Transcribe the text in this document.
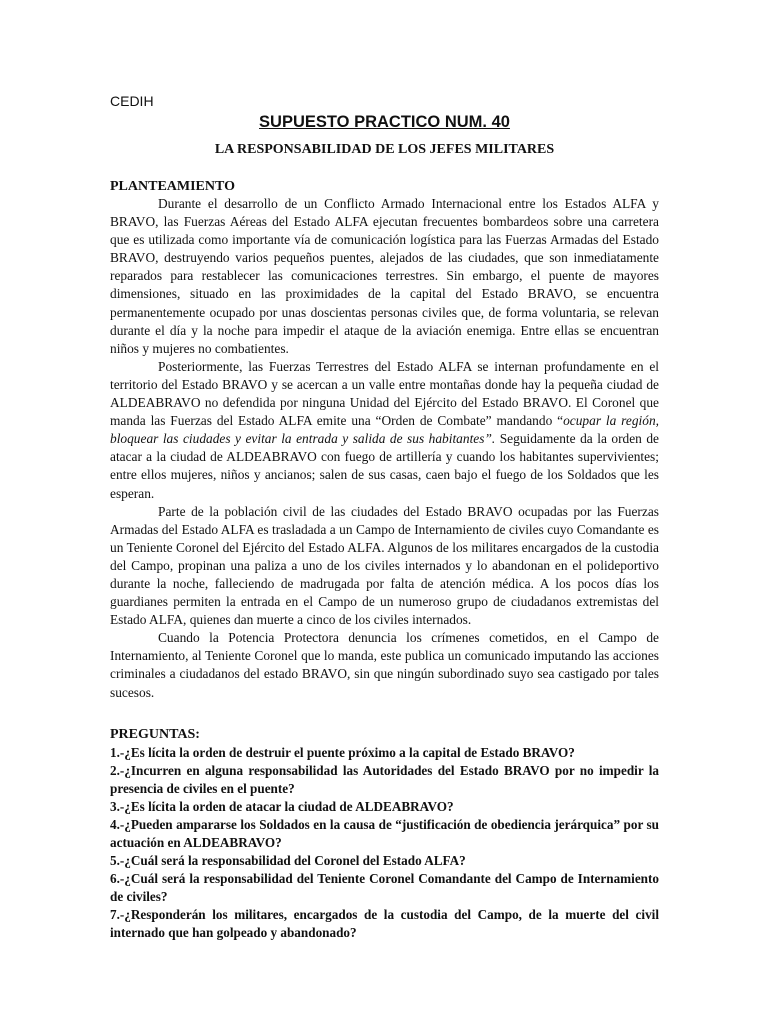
CEDIH

SUPUESTO PRACTICO NUM. 40

LA RESPONSABILIDAD DE LOS JEFES MILITARES

PLANTEAMIENTO

Durante el desarrollo de un Conflicto Armado Internacional entre los Estados ALFA y BRAVO, las Fuerzas Aéreas del Estado ALFA ejecutan frecuentes bombardeos sobre una carretera que es utilizada como importante vía de comunicación logística para las Fuerzas Armadas del Estado BRAVO, destruyendo varios pequeños puentes, alejados de las ciudades, que son inmediatamente reparados para restablecer las comunicaciones terrestres. Sin embargo, el puente de mayores dimensiones, situado en las proximidades de la capital del Estado BRAVO, se encuentra permanentemente ocupado por unas doscientas personas civiles que, de forma voluntaria, se relevan durante el día y la noche para impedir el ataque de la aviación enemiga. Entre ellas se encuentran niños y mujeres no combatientes.

Posteriormente, las Fuerzas Terrestres del Estado ALFA se internan profundamente en el territorio del Estado BRAVO y se acercan a un valle entre montañas donde hay la pequeña ciudad de ALDEABRAVO no defendida por ninguna Unidad del Ejército del Estado BRAVO. El Coronel que manda las Fuerzas del Estado ALFA emite una “Orden de Combate” mandando “ocupar la región, bloquear las ciudades y evitar la entrada y salida de sus habitantes”. Seguidamente da la orden de atacar a la ciudad de ALDEABRAVO con fuego de artillería y cuando los habitantes supervivientes; entre ellos mujeres, niños y ancianos; salen de sus casas, caen bajo el fuego de los Soldados que les esperan.

Parte de la población civil de las ciudades del Estado BRAVO ocupadas por las Fuerzas Armadas del Estado ALFA es trasladada a un Campo de Internamiento de civiles cuyo Comandante es un Teniente Coronel del Ejército del Estado ALFA. Algunos de los militares encargados de la custodia del Campo, propinan una paliza a uno de los civiles internados y lo abandonan en el polideportivo durante la noche, falleciendo de madrugada por falta de atención médica. A los pocos días los guardianes permiten la entrada en el Campo de un numeroso grupo de ciudadanos extremistas del Estado ALFA, quienes dan muerte a cinco de los civiles internados.

Cuando la Potencia Protectora denuncia los crímenes cometidos, en el Campo de Internamiento, al Teniente Coronel que lo manda, este publica un comunicado imputando las acciones criminales a ciudadanos del estado BRAVO, sin que ningún subordinado suyo sea castigado por tales sucesos.

PREGUNTAS:

1.-¿Es lícita la orden de destruir el puente próximo a la capital de Estado BRAVO?

2.-¿Incurren en alguna responsabilidad las Autoridades del Estado BRAVO por no impedir la presencia de civiles en el puente?

3.-¿Es lícita la orden de atacar la ciudad de ALDEABRAVO?

4.-¿Pueden ampararse los Soldados en la causa de “justificación de obediencia jerárquica” por su actuación en ALDEABRAVO?

5.-¿Cuál será la responsabilidad del Coronel del Estado ALFA?

6.-¿Cuál será la responsabilidad del Teniente Coronel Comandante del Campo de Internamiento de civiles?

7.-¿Responderán los militares, encargados de la custodia del Campo, de la muerte del civil internado que han golpeado y abandonado?
